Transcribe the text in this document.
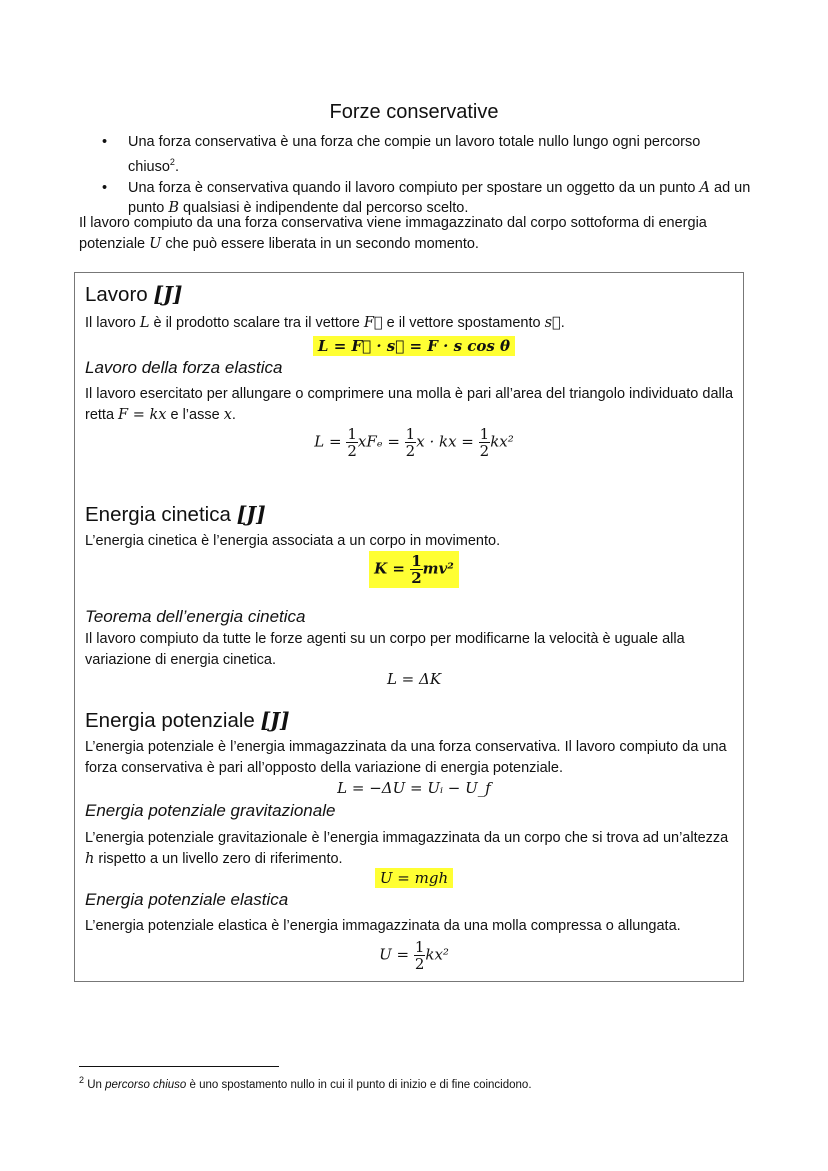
Forze conservative
• Una forza conservativa è una forza che compie un lavoro totale nullo lungo ogni percorso chiuso$^2$.
• Una forza è conservativa quando il lavoro compiuto per spostare un oggetto da un punto A ad un punto B qualsiasi è indipendente dal percorso scelto.

Il lavoro compiuto da una forza conservativa viene immagazzinato dal corpo sottoforma di energia potenziale U che può essere liberata in un secondo momento.

Lavoro [J]

Il lavoro L è il prodotto scalare tra il vettore F⃗ e il vettore spostamento s⃗.

L = F⃗ · s⃗ = F · s cos θ
Lavoro della forza elastica

Il lavoro esercitato per allungare o comprimere una molla è pari all’area del triangolo individuato dalla retta F = kx e l’asse x.

$L = \frac{1}{2}$ $xF_e = \frac{1}{2}$ x · kx = $\frac{1}{2} kx^2$
Energia cinetica [J]

L’energia cinetica è l’energia associata a un corpo in movimento.

$K = \frac{1}{2} mv^2$
Teorema dell’energia cinetica

Il lavoro compiuto da tutte le forze agenti su un corpo per modificarne la velocità è uguale alla variazione di energia cinetica.

L = ΔK
Energia potenziale [J]

L’energia potenziale è l’energia immagazzinata da una forza conservativa. Il lavoro compiuto da una forza conservativa è pari all’opposto della variazione di energia potenziale.

L = −ΔU = Uᵢ − U_f
Energia potenziale gravitazionale

L’energia potenziale gravitazionale è l’energia immagazzinata da un corpo che si trova ad un’altezza h rispetto a un livello zero di riferimento.

U = mgh
Energia potenziale elastica

L’energia potenziale elastica è l’energia immagazzinata da una molla compressa o allungata.

$U = \frac{1}{2} kx^2$
$^2$ Un percorso chiuso è uno spostamento nullo in cui il punto di inizio e di fine coincidono.
